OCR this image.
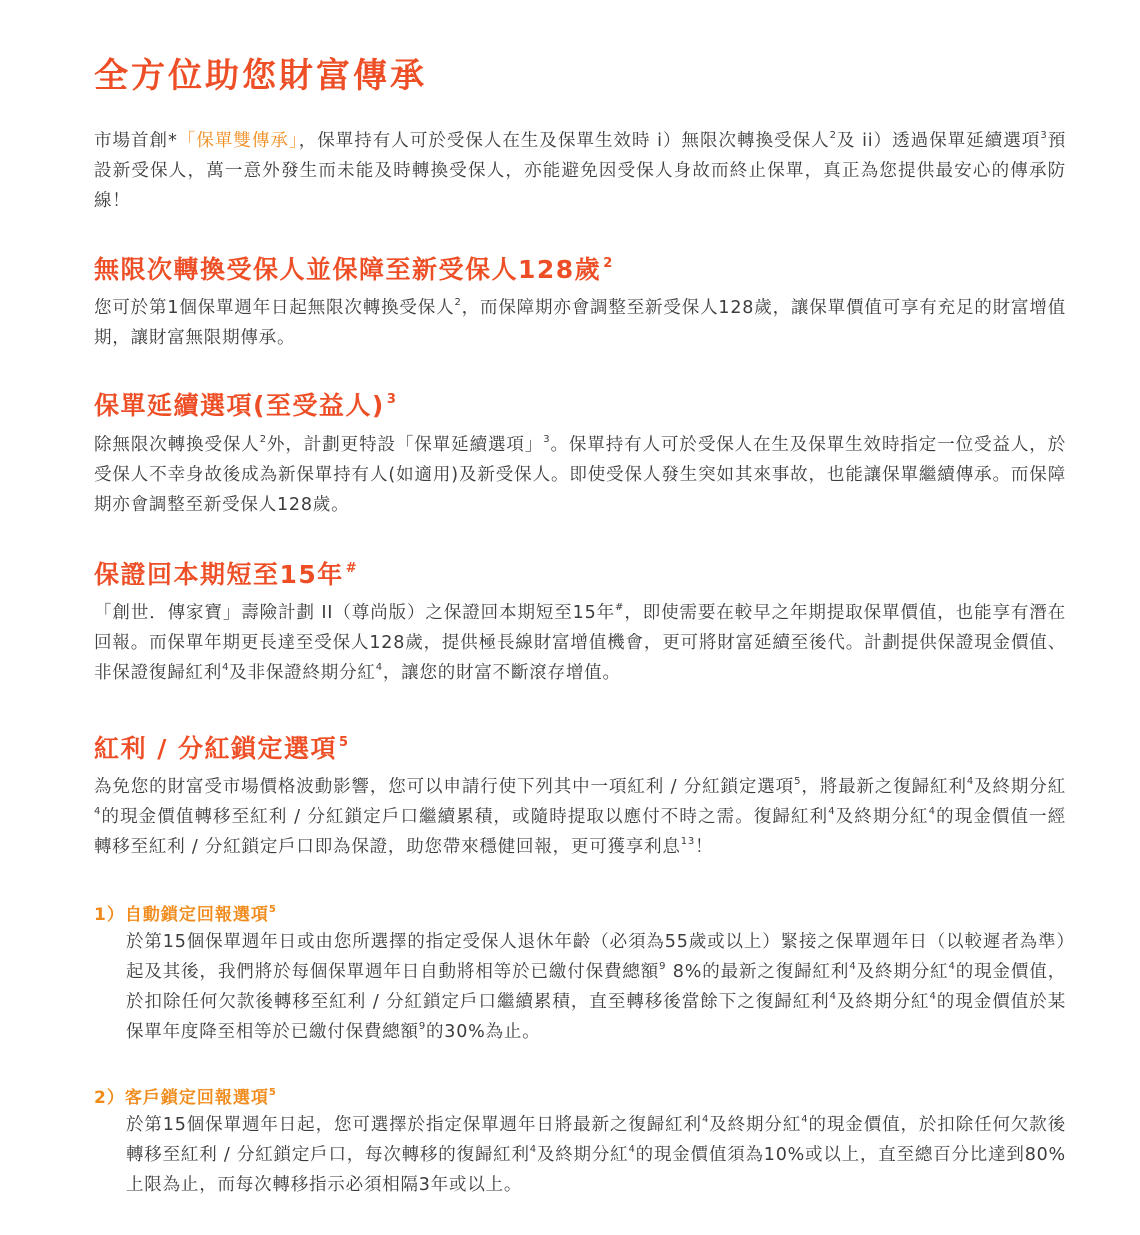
全方位助您財富傳承

市場首創*「保單雙傳承」，保單持有人可於受保人在生及保單生效時 i）無限次轉換受保人$^2$及 ii）透過保單延續選項$^3$預設新受保人，萬一意外發生而未能及時轉換受保人，亦能避免因受保人身故而終止保單，真正為您提供最安心的傳承防線！

無限次轉換受保人並保障至新受保人128歲 $^2$

您可於第1個保單週年日起無限次轉換受保人$^2$，而保障期亦會調整至新受保人128歲，讓保單價值可享有充足的財富增值期，讓財富無限期傳承。

保單延續選項(至受益人) $^3$

除無限次轉換受保人$^2$外，計劃更特設「保單延續選項」$^3$。保單持有人可於受保人在生及保單生效時指定一位受益人，於受保人不幸身故後成為新保單持有人(如適用)及新受保人。即使受保人發生突如其來事故，也能讓保單繼續傳承。而保障期亦會調整至新受保人128歲。

保證回本期短至15年 #

「創世．傳家寶」壽險計劃 II（尊尚版）之保證回本期短至15年#，即使需要在較早之年期提取保單價值，也能享有潛在回報。而保單年期更長達至受保人128歲，提供極長線財富增值機會，更可將財富延續至後代。計劃提供保證現金價值、非保證復歸紅利$^4$及非保證終期分紅$^4$，讓您的財富不斷滾存增值。

紅利 / 分紅鎖定選項 $^5$

為免您的財富受市場價格波動影響，您可以申請行使下列其中一項紅利 / 分紅鎖定選項$^5$，將最新之復歸紅利$^4$及終期分紅$^4$的現金價值轉移至紅利 / 分紅鎖定戶口繼續累積，或隨時提取以應付不時之需。復歸紅利$^4$及終期分紅$^4$的現金價值一經轉移至紅利 / 分紅鎖定戶口即為保證，助您帶來穩健回報，更可獲享利息$^{13}$！

1）自動鎖定回報選項$^5$

於第15個保單週年日或由您所選擇的指定受保人退休年齡（必須為55歲或以上）緊接之保單週年日（以較遲者為準）起及其後，我們將於每個保單週年日自動將相等於已繳付保費總額$^9$ 8%的最新之復歸紅利$^4$及終期分紅$^4$的現金價值，於扣除任何欠款後轉移至紅利 / 分紅鎖定戶口繼續累積，直至轉移後當餘下之復歸紅利$^4$及終期分紅$^4$的現金價值於某保單年度降至相等於已繳付保費總額$^9$的30%為止。

2）客戶鎖定回報選項$^5$

於第15個保單週年日起，您可選擇於指定保單週年日將最新之復歸紅利$^4$及終期分紅$^4$的現金價值，於扣除任何欠款後轉移至紅利 / 分紅鎖定戶口，每次轉移的復歸紅利$^4$及終期分紅$^4$的現金價值須為10%或以上，直至總百分比達到80%上限為止，而每次轉移指示必須相隔3年或以上。
